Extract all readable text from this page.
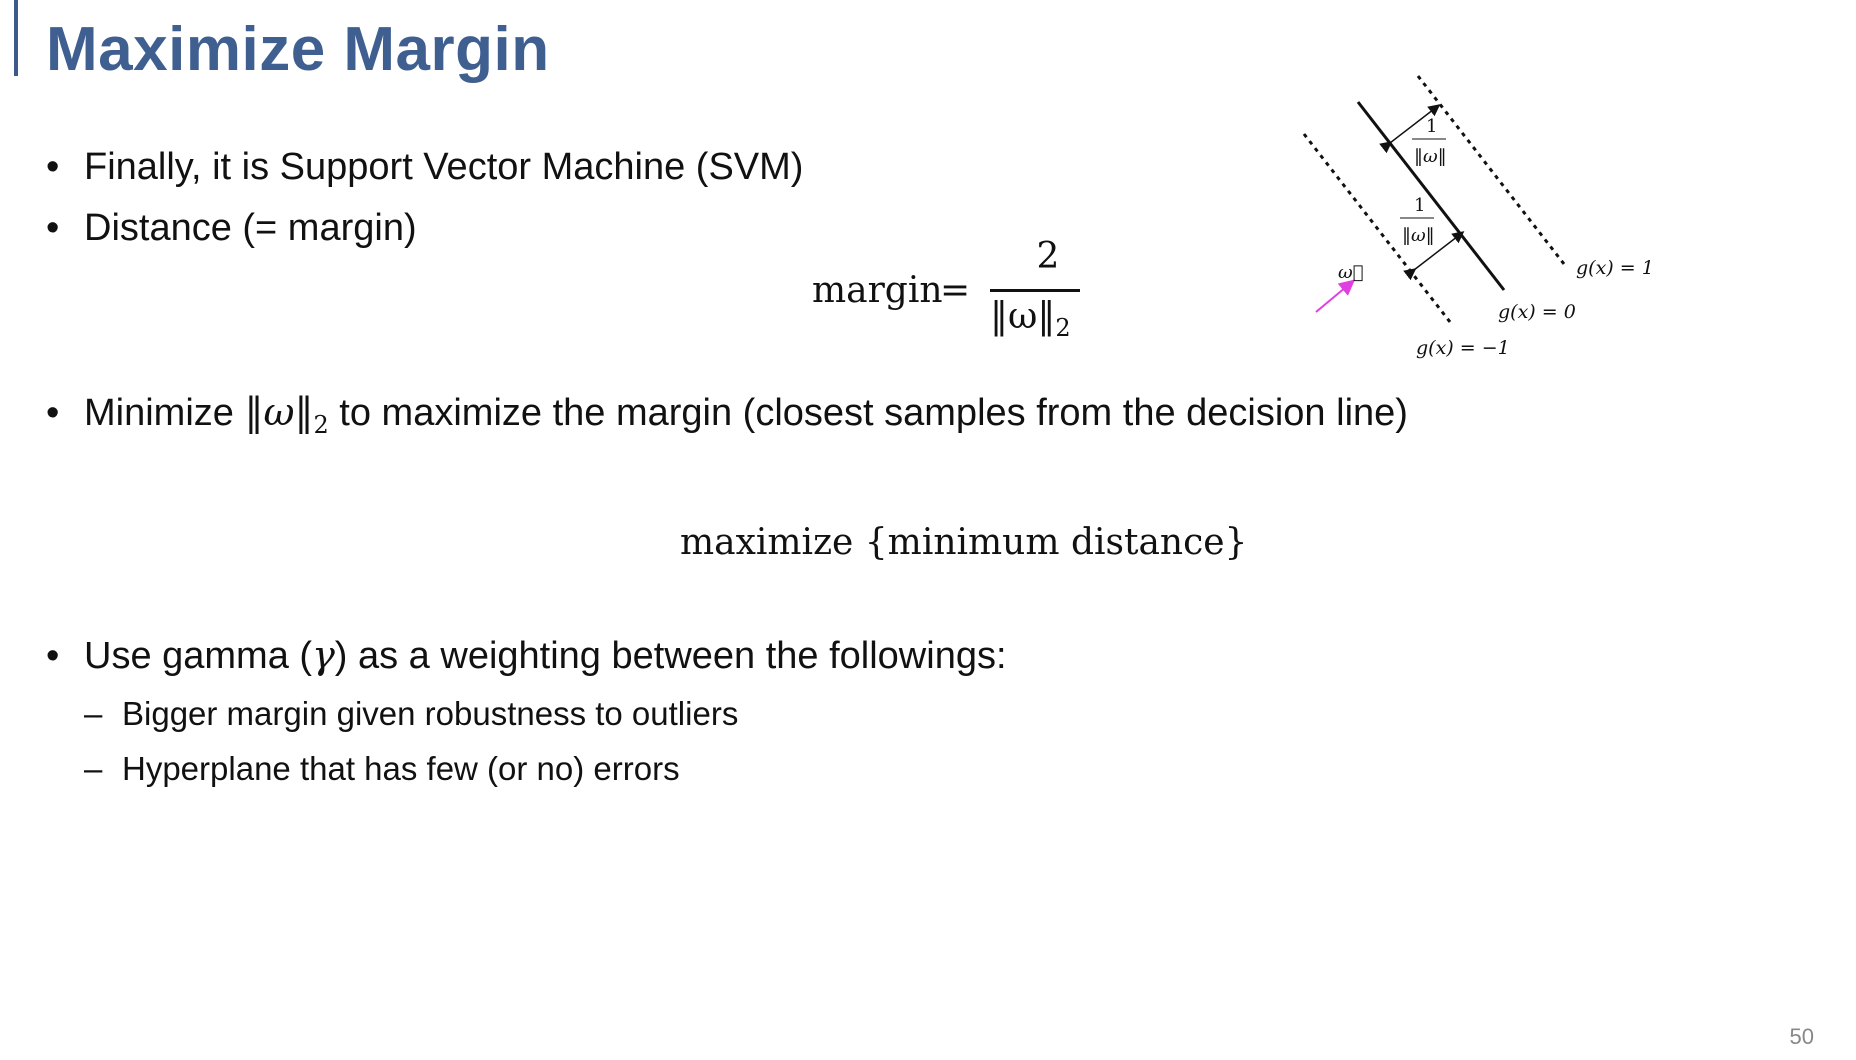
Maximize Margin
• Finally, it is Support Vector Machine (SVM)
• Distance (= margin)
margin
=
2
$‖\omega‖_2$
• Minimize $‖\omega‖_2$ to maximize the margin (closest samples from the decision line)
maximize {minimum distance}
• Use gamma (γ) as a weighting between the followings:
– Bigger margin given robustness to outliers
– Hyperplane that has few (or no) errors
1
‖ω‖
1
‖ω‖
ω⃗	g(x) = 1
g(x) = 0
g(x) = −1
50
